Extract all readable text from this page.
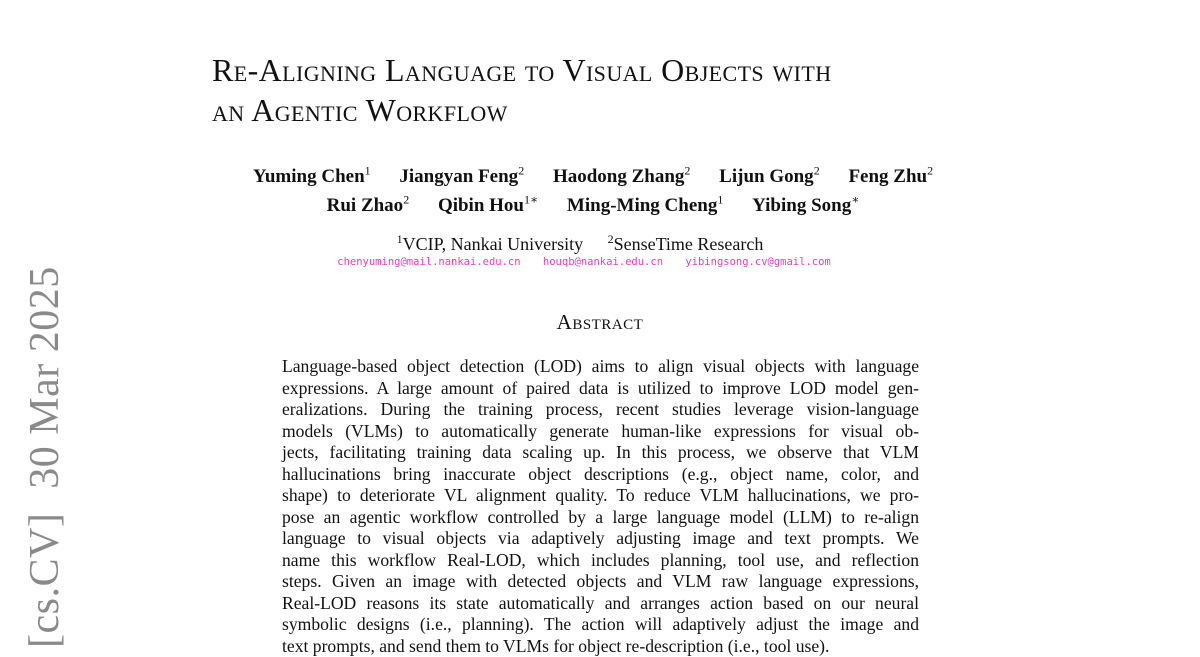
[cs.CV]30 Mar 2025
Re-Aligning Language to Visual Objects with
an Agentic Workflow
Yuming Chen$^1$ Jiangyan Feng$^2$ Haodong Zhang$^2$ Lijun Gong$^2$ Feng Zhu$^2$
Rui Zhao$^2$ Qibin Hou$^{1∗}$ Ming-Ming Cheng$^1$ Yibing Song∗
$^1$VCIP, Nankai University $^2$SenseTime Research
chenyuming@mail.nankai.edu.cn houqb@nankai.edu.cn yibingsong.cv@gmail.com
Abstract
Language-based object detection (LOD) aims to align visual objects with language
expressions. A large amount of paired data is utilized to improve LOD model gen-
eralizations. During the training process, recent studies leverage vision-language
models (VLMs) to automatically generate human-like expressions for visual ob-
jects, facilitating training data scaling up. In this process, we observe that VLM
hallucinations bring inaccurate object descriptions (e.g., object name, color, and
shape) to deteriorate VL alignment quality. To reduce VLM hallucinations, we pro-
pose an agentic workflow controlled by a large language model (LLM) to re-align
language to visual objects via adaptively adjusting image and text prompts. We
name this workflow Real-LOD, which includes planning, tool use, and reflection
steps. Given an image with detected objects and VLM raw language expressions,
Real-LOD reasons its state automatically and arranges action based on our neural
symbolic designs (i.e., planning). The action will adaptively adjust the image and
text prompts, and send them to VLMs for object re-description (i.e., tool use).
